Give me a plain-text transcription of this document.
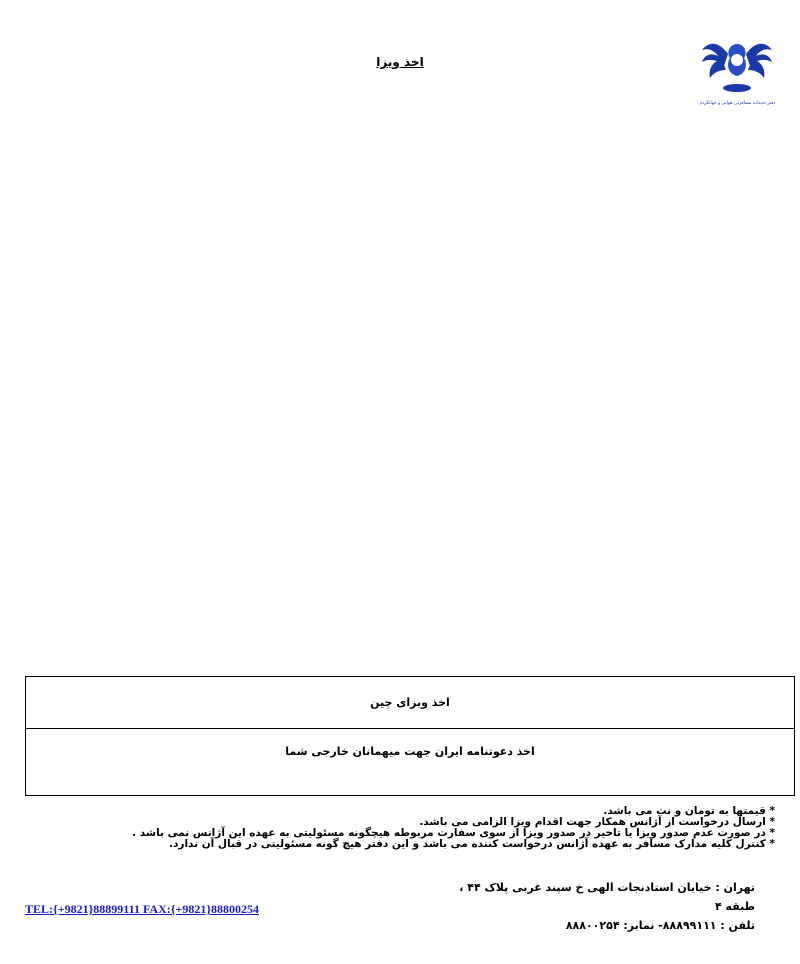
اخذ ویزا
دفتر خدمات مسافرتی هوایی و جهانگردی
اخذ ویزای چین
اخذ دعوتنامه ایران جهت میهمانان خارجی شما
* قیمتها به تومان و نت می باشد.
* ارسال درخواست از آژانس همکار جهت اقدام ویزا الزامی می باشد.
* در صورت عدم صدور ویزا یا تاخیر در صدور ویزا از سوی سفارت مربوطه هیچگونه مسئولیتی به عهده این آژانس نمی باشد .
* کنترل کلیه مدارک مسافر به عهده آژانس درخواست کننده می باشد و این دفتر هیچ گونه مسئولیتی در قبال آن ندارد.
تهران : خیابان استادنجات الهی خ سپند غربی پلاک ۴۴ ،
طبقه ۴
تلفن : ۸۸۸۹۹۱۱۱- نمابر: ۸۸۸۰۰۲۵۴
TEL:{+9821}88899111 FAX:{+9821}88800254
